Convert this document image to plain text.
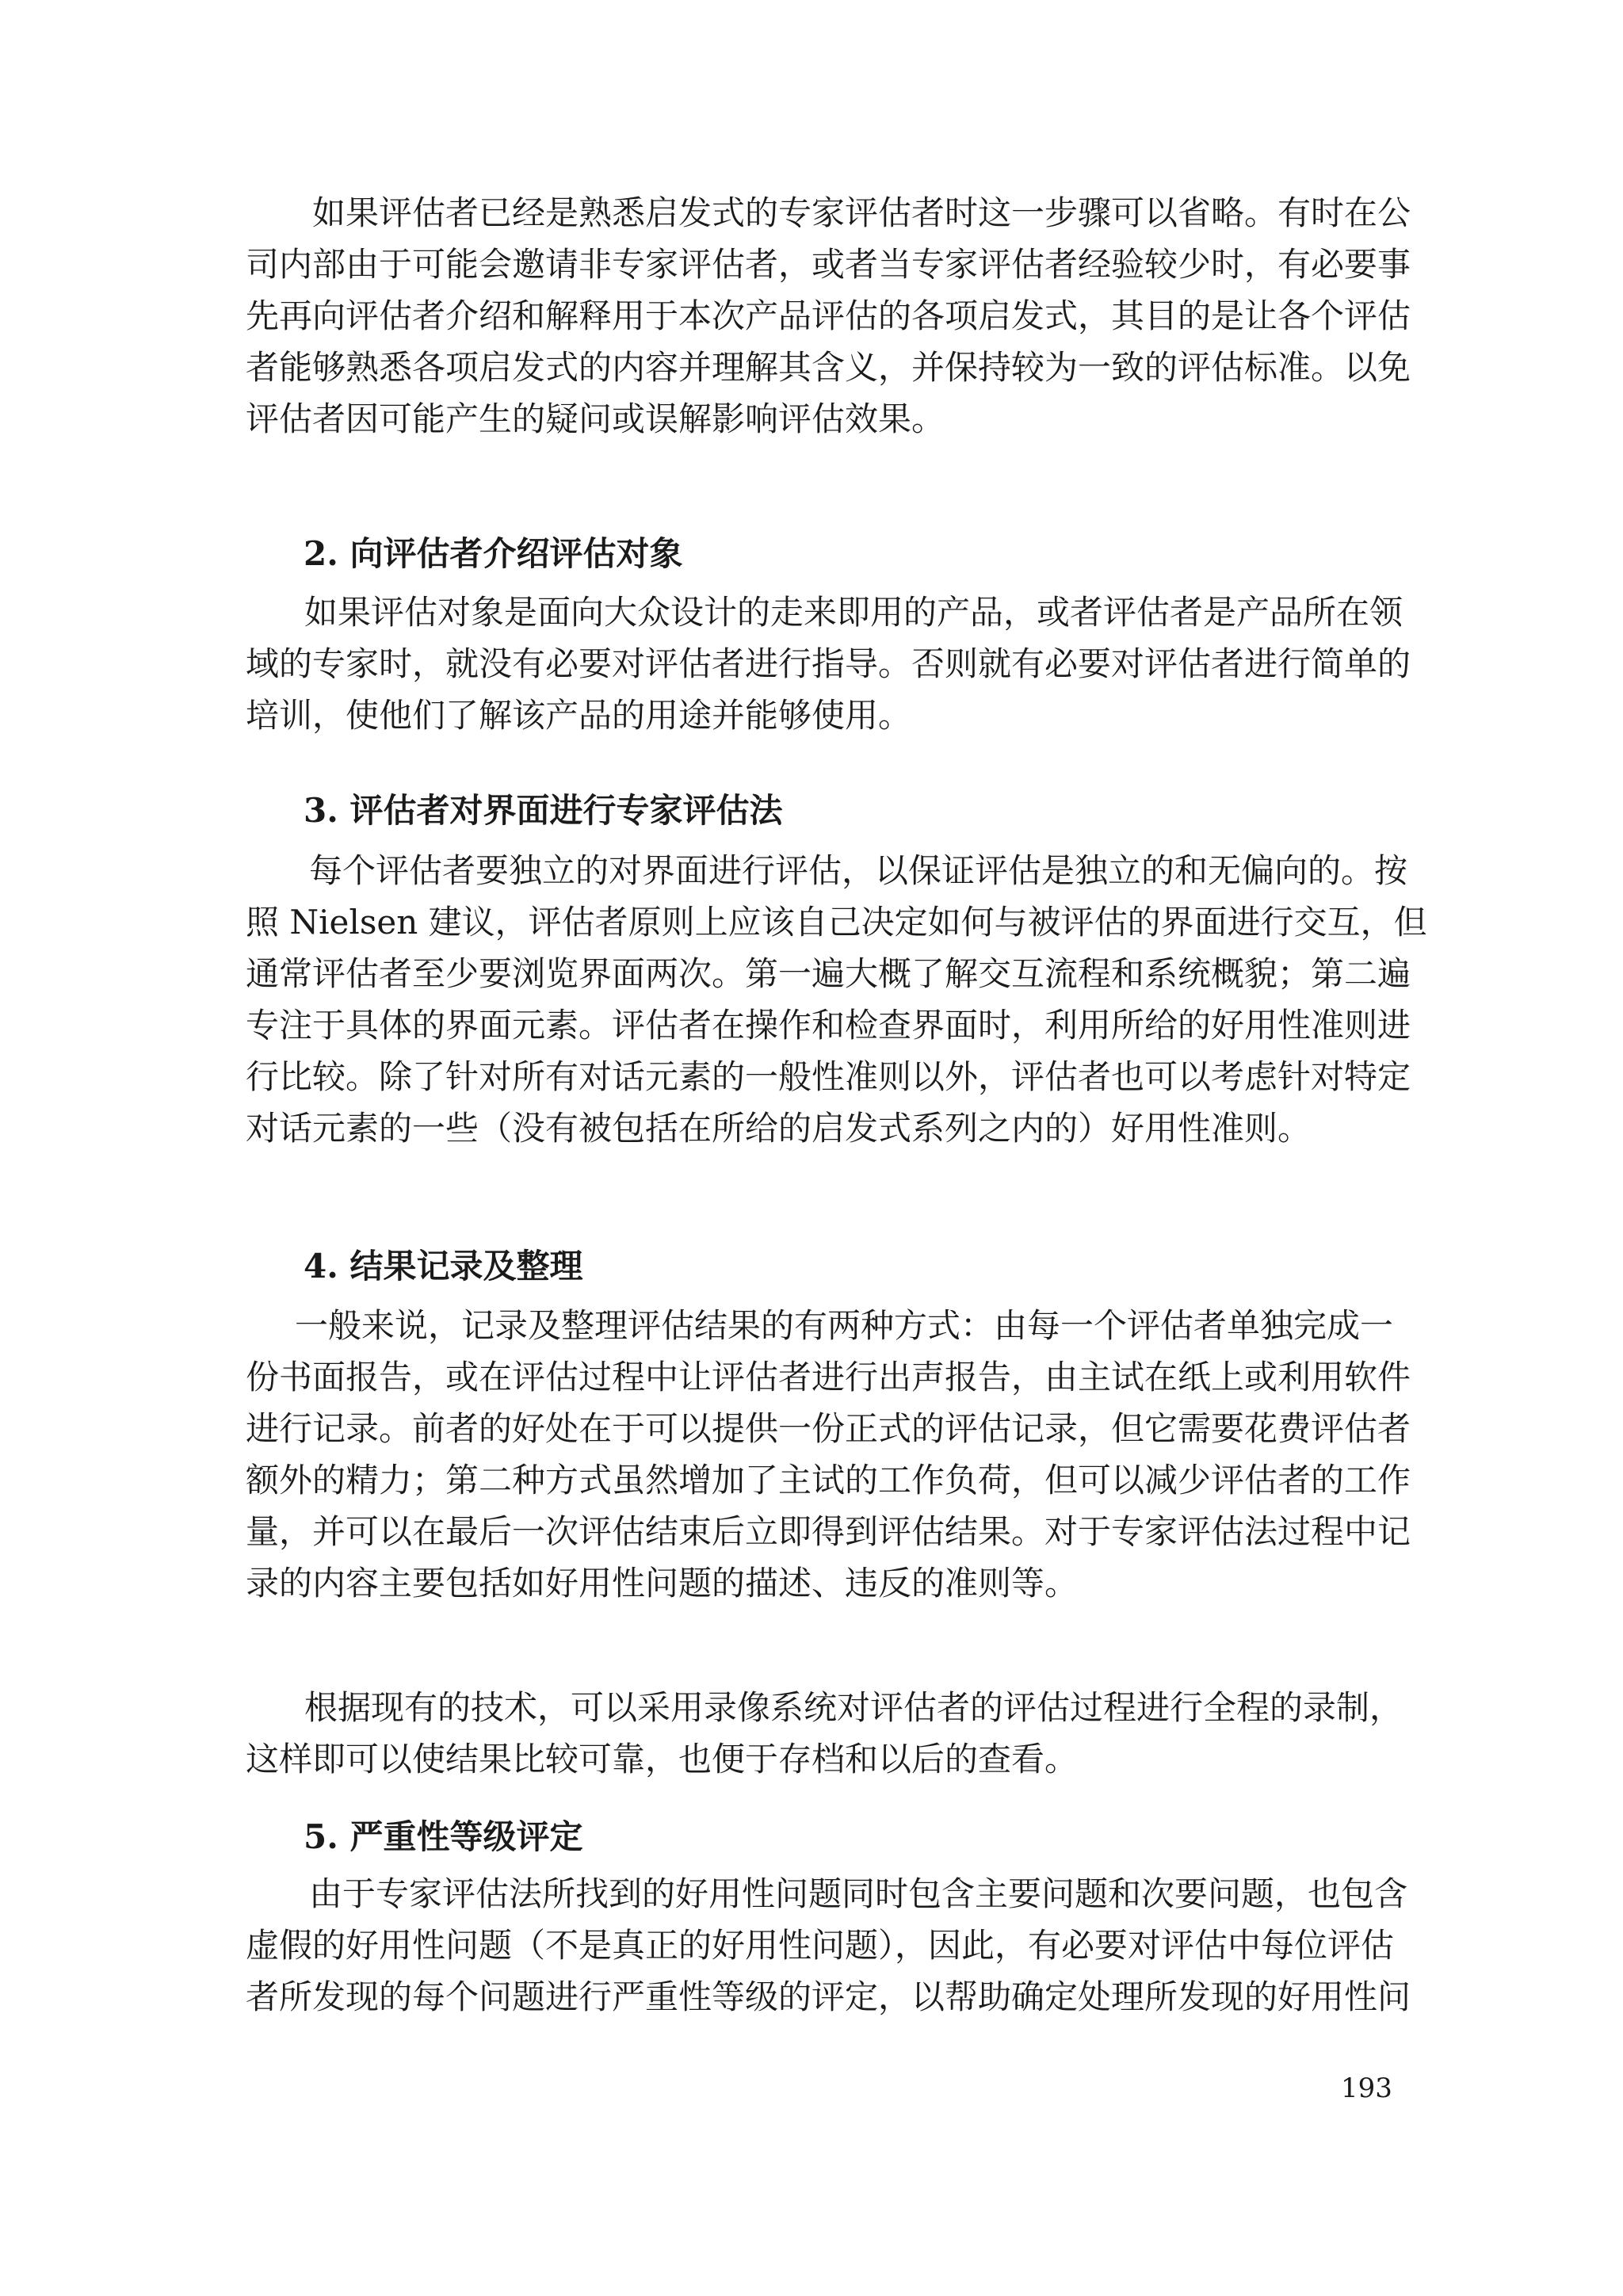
如果评估者已经是熟悉启发式的专家评估者时这一步骤可以省略。有时在公

司内部由于可能会邀请非专家评估者，或者当专家评估者经验较少时，有必要事

先再向评估者介绍和解释用于本次产品评估的各项启发式，其目的是让各个评估

者能够熟悉各项启发式的内容并理解其含义，并保持较为一致的评估标准。以免

评估者因可能产生的疑问或误解影响评估效果。

2. 向评估者介绍评估对象

如果评估对象是面向大众设计的走来即用的产品，或者评估者是产品所在领

域的专家时，就没有必要对评估者进行指导。否则就有必要对评估者进行简单的

培训，使他们了解该产品的用途并能够使用。

3. 评估者对界面进行专家评估法

每个评估者要独立的对界面进行评估，以保证评估是独立的和无偏向的。按

照 Nielsen 建议，评估者原则上应该自己决定如何与被评估的界面进行交互，但

通常评估者至少要浏览界面两次。第一遍大概了解交互流程和系统概貌；第二遍

专注于具体的界面元素。评估者在操作和检查界面时，利用所给的好用性准则进

行比较。除了针对所有对话元素的一般性准则以外，评估者也可以考虑针对特定

对话元素的一些（没有被包括在所给的启发式系列之内的）好用性准则。

4. 结果记录及整理

一般来说，记录及整理评估结果的有两种方式：由每一个评估者单独完成一

份书面报告，或在评估过程中让评估者进行出声报告，由主试在纸上或利用软件

进行记录。前者的好处在于可以提供一份正式的评估记录，但它需要花费评估者

额外的精力；第二种方式虽然增加了主试的工作负荷，但可以减少评估者的工作

量，并可以在最后一次评估结束后立即得到评估结果。对于专家评估法过程中记

录的内容主要包括如好用性问题的描述、违反的准则等。

根据现有的技术，可以采用录像系统对评估者的评估过程进行全程的录制，

这样即可以使结果比较可靠，也便于存档和以后的查看。

5. 严重性等级评定

由于专家评估法所找到的好用性问题同时包含主要问题和次要问题，也包含

虚假的好用性问题（不是真正的好用性问题），因此，有必要对评估中每位评估

者所发现的每个问题进行严重性等级的评定，以帮助确定处理所发现的好用性问

193
